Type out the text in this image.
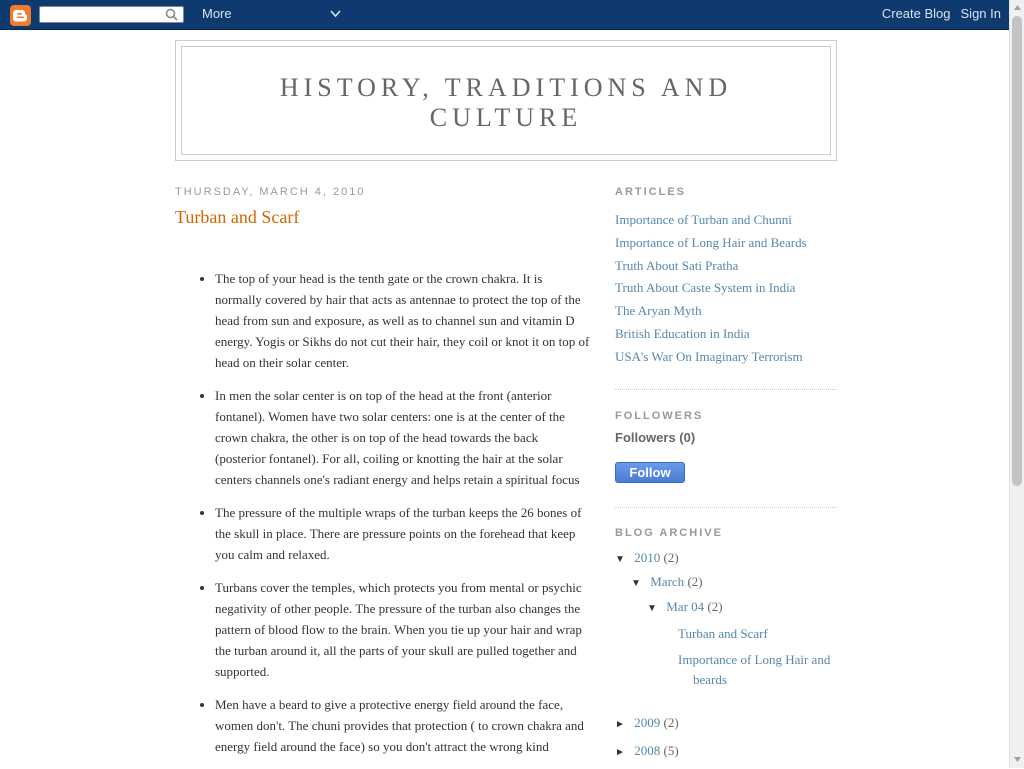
More	Create Blog Sign In
HISTORY, TRADITIONS AND CULTURE
THURSDAY, MARCH 4, 2010
Turban and Scarf
• The top of your head is the tenth gate or the crown chakra. It is normally covered by hair that acts as antennae to protect the top of the head from sun and exposure, as well as to channel sun and vitamin D energy. Yogis or Sikhs do not cut their hair, they coil or knot it on top of head on their solar center.
• In men the solar center is on top of the head at the front (anterior fontanel). Women have two solar centers: one is at the center of the crown chakra, the other is on top of the head towards the back (posterior fontanel). For all, coiling or knotting the hair at the solar centers channels one's radiant energy and helps retain a spiritual focus
• The pressure of the multiple wraps of the turban keeps the 26 bones of the skull in place. There are pressure points on the forehead that keep you calm and relaxed.
• Turbans cover the temples, which protects you from mental or psychic negativity of other people. The pressure of the turban also changes the pattern of blood flow to the brain. When you tie up your hair and wrap the turban around it, all the parts of your skull are pulled together and supported.
• Men have a beard to give a protective energy field around the face, women don't. The chuni provides that protection ( to crown chakra and energy field around the face) so you don't attract the wrong kind
ARTICLES
Importance of Turban and Chunni
Importance of Long Hair and Beards
Truth About Sati Pratha
Truth About Caste System in India
The Aryan Myth
British Education in India
USA's War On Imaginary Terrorism
FOLLOWERS
Followers (0)
Follow
BLOG ARCHIVE
▼ 2010 (2)
▼ March (2)
▼ Mar 04 (2)
Turban and Scarf
Importance of Long Hair and beards
► 2009 (2)
► 2008 (5)
